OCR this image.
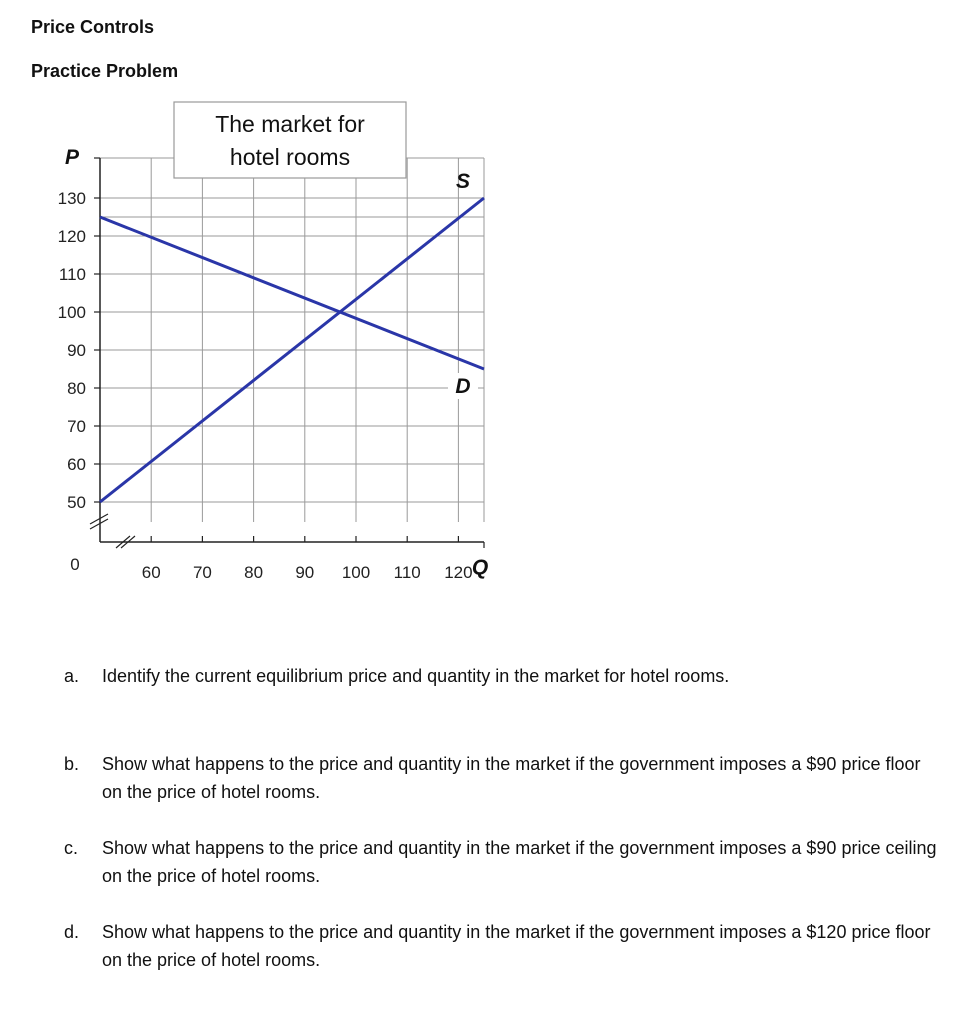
Price Controls
Practice Problem
50
60
70
80
90
100
110
120
130
60 70 80 90 100 110 120
P
Q
0
The market for
hotel rooms
S
D
a.	Identify the current equilibrium price and quantity in the market for hotel rooms.
b.	Show what happens to the price and quantity in the market if the government imposes a $90 price floor on the price of hotel rooms.
c.	Show what happens to the price and quantity in the market if the government imposes a $90 price ceiling on the price of hotel rooms.
d.	Show what happens to the price and quantity in the market if the government imposes a $120 price floor on the price of hotel rooms.
